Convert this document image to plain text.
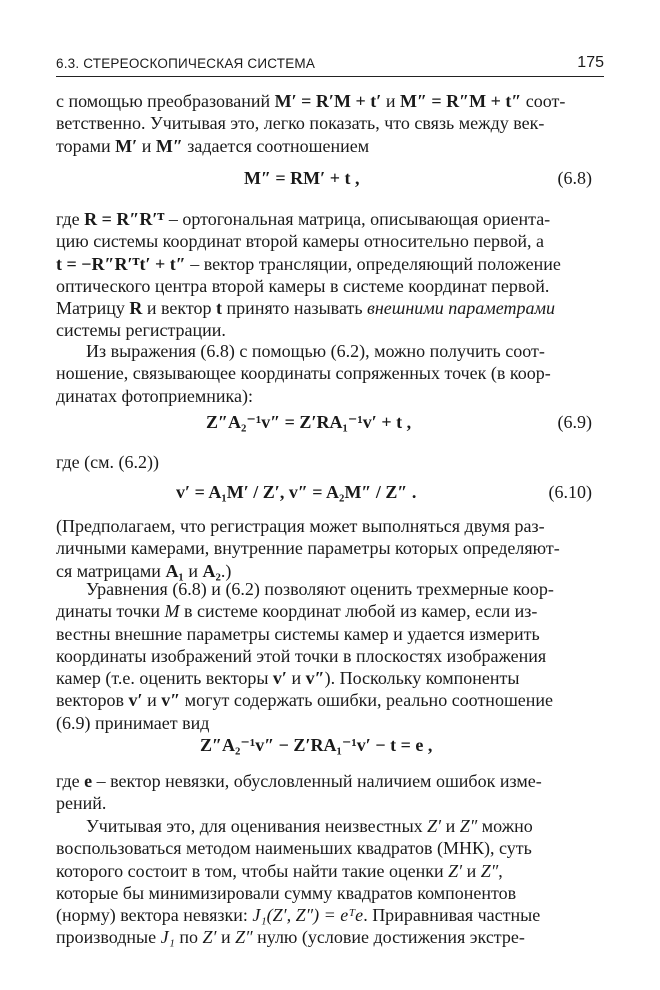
6.3. СТЕРЕОСКОПИЧЕСКАЯ СИСТЕМА	175
с помощью преобразований M′ = R′M + t′ и M″ = R″M + t″ соот-
ветственно. Учитывая это, легко показать, что связь между век-
торами M′ и M″ задается соотношением
M″ = RM′ + t ,	(6.8)
где R = R″R′ᵀ – ортогональная матрица, описывающая ориента-
цию системы координат второй камеры относительно первой, а
t = −R″R′ᵀt′ + t″ – вектор трансляции, определяющий положение
оптического центра второй камеры в системе координат первой.
Матрицу R и вектор t принято называть внешними параметрами
системы регистрации.
Из выражения (6.8) с помощью (6.2), можно получить соот-
ношение, связывающее координаты сопряженных точек (в коор-
динатах фотоприемника):
Z″A₂⁻¹v″ = Z′RA₁⁻¹v′ + t ,	(6.9)
где (см. (6.2))
v′ = A₁M′ / Z′, v″ = A₂M″ / Z″ .	(6.10)
(Предполагаем, что регистрация может выполняться двумя раз-
личными камерами, внутренние параметры которых определяют-
ся матрицами A₁ и A₂.)
Уравнения (6.8) и (6.2) позволяют оценить трехмерные коор-
динаты точки M в системе координат любой из камер, если из-
вестны внешние параметры системы камер и удается измерить
координаты изображений этой точки в плоскостях изображения
камер (т.е. оценить векторы v′ и v″). Поскольку компоненты
векторов v′ и v″ могут содержать ошибки, реально соотношение
(6.9) принимает вид
Z″A₂⁻¹v″ − Z′RA₁⁻¹v′ − t = e ,
где e – вектор невязки, обусловленный наличием ошибок изме-
рений.
Учитывая это, для оценивания неизвестных Z′ и Z″ можно
воспользоваться методом наименьших квадратов (МНК), суть
которого состоит в том, чтобы найти такие оценки Z′ и Z″,
которые бы минимизировали сумму квадратов компонентов
(норму) вектора невязки: J₁(Z′, Z″) = eᵀe. Приравнивая частные
производные J₁ по Z′ и Z″ нулю (условие достижения экстре-
